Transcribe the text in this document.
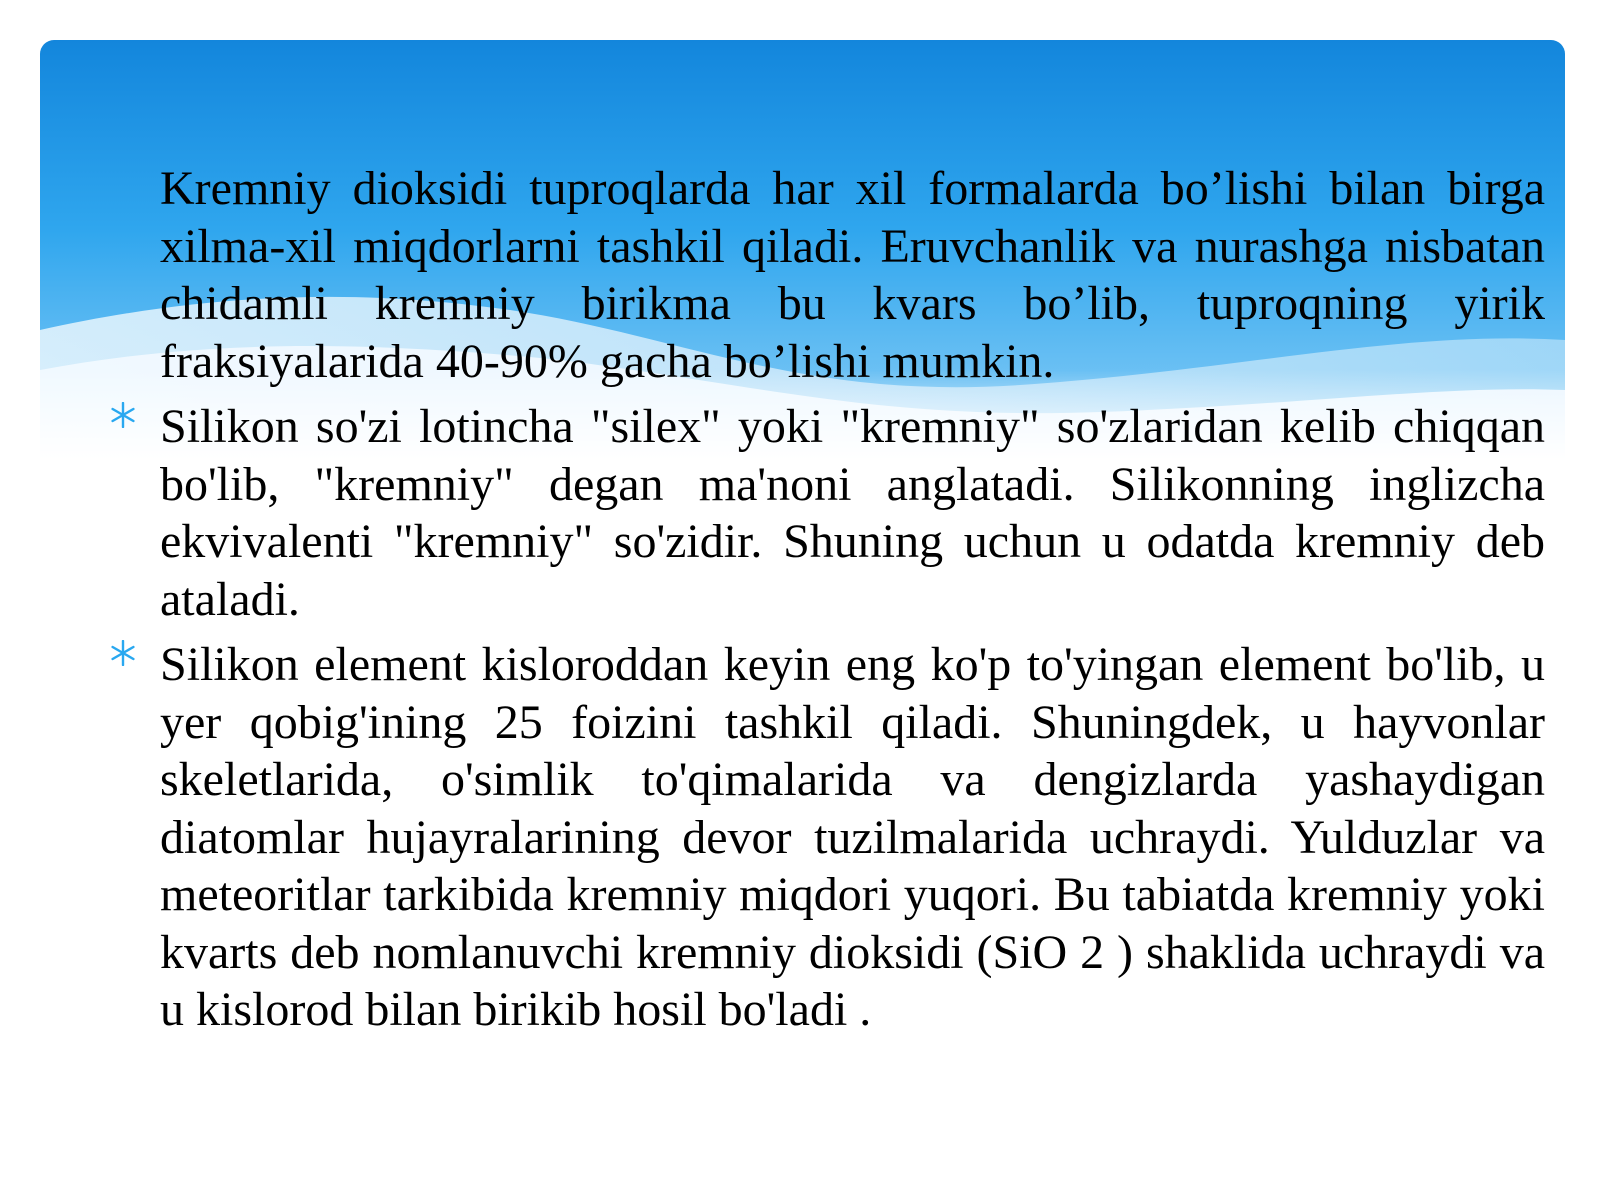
Kremniy dioksidi tuproqlarda har xil formalarda bo’lishi bilan birga xilma-xil miqdorlarni tashkil qiladi. Eruvchanlik va nurashga nisbatan chidamli kremniy birikma bu kvars bo’lib, tuproqning yirik fraksiyalarida 40-90% gacha bo’lishi mumkin.
Silikon so'zi lotincha "silex" yoki "kremniy" so'zlaridan kelib chiqqan bo'lib, "kremniy" degan ma'noni anglatadi. Silikonning inglizcha ekvivalenti "kremniy" so'zidir. Shuning uchun u odatda kremniy deb ataladi.
Silikon element kisloroddan keyin eng ko'p to'yingan element bo'lib, u yer qobig'ining 25 foizini tashkil qiladi. Shuningdek, u hayvonlar skeletlarida, o'simlik to'qimalarida va dengizlarda yashaydigan diatomlar hujayralarining devor tuzilmalarida uchraydi. Yulduzlar va meteoritlar tarkibida kremniy miqdori yuqori. Bu tabiatda kremniy yoki kvarts deb nomlanuvchi kremniy dioksidi (SiO 2 ) shaklida uchraydi va u kislorod bilan birikib hosil bo'ladi .
